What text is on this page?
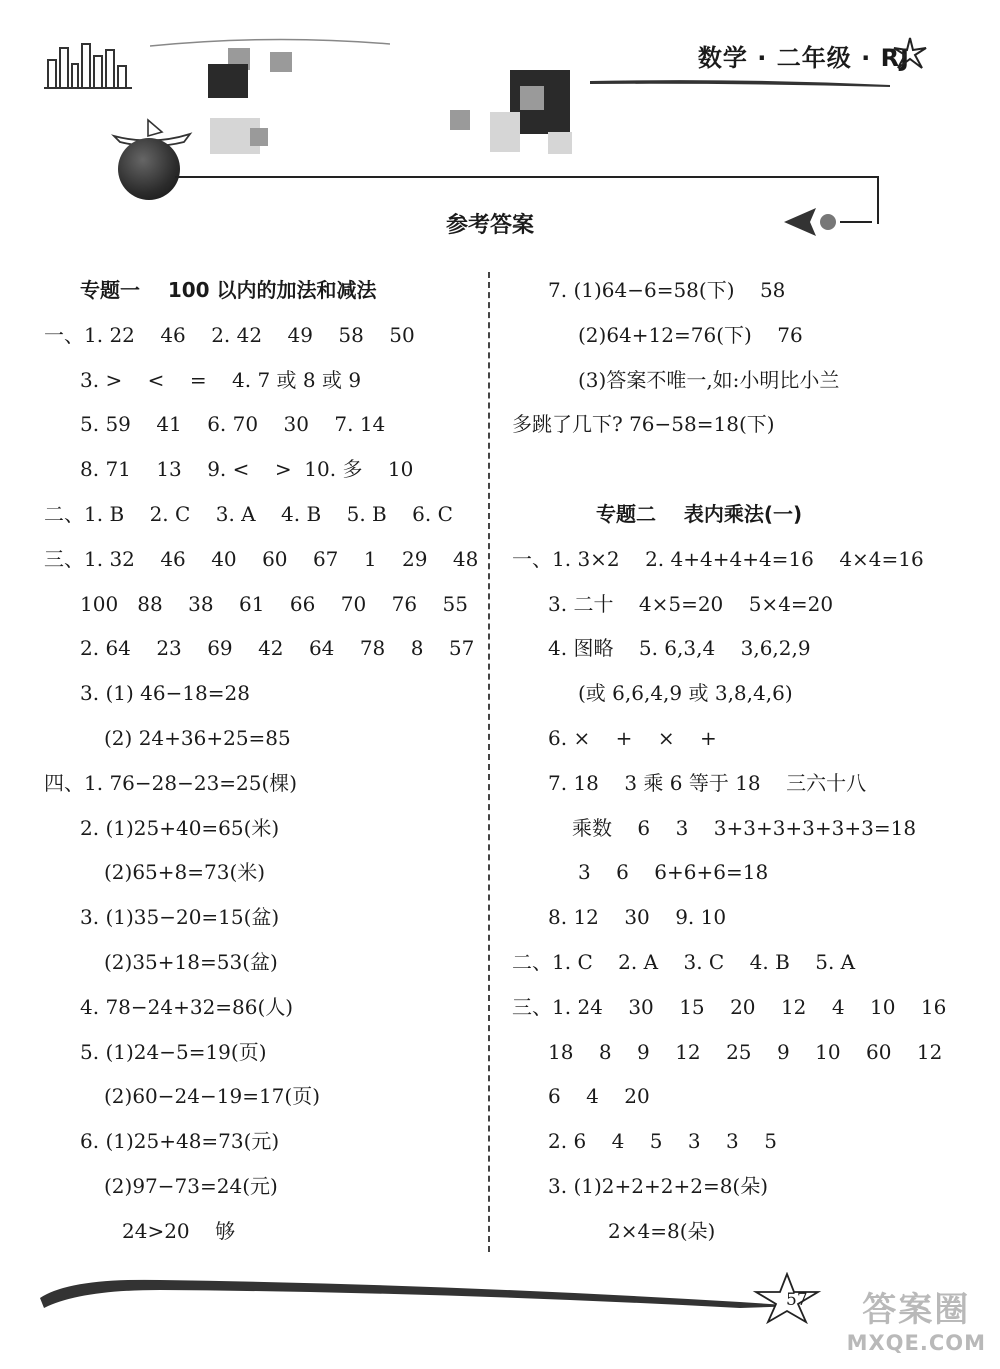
数学 · 二年级 · RJ
参考答案
专题一    100 以内的加法和减法
一、1. 22    46    2. 42    49    58    50
3. >    <    =    4. 7 或 8 或 9
5. 59    41    6. 70    30    7. 14
8. 71    13    9. <    >  10. 多    10
二、1. B    2. C    3. A    4. B    5. B    6. C
三、1. 32    46    40    60    67    1    29    48
100   88    38    61    66    70    76    55
2. 64    23    69    42    64    78    8    57
3. (1) 46−18=28
(2) 24+36+25=85
四、1. 76−28−23=25(棵)
2. (1)25+40=65(米)
(2)65+8=73(米)
3. (1)35−20=15(盆)
(2)35+18=53(盆)
4. 78−24+32=86(人)
5. (1)24−5=19(页)
(2)60−24−19=17(页)
6. (1)25+48=73(元)
(2)97−73=24(元)
24>20    够
7. (1)64−6=58(下)    58
(2)64+12=76(下)    76
(3)答案不唯一,如:小明比小兰
多跳了几下? 76−58=18(下)
专题二    表内乘法(一)
一、1. 3×2    2. 4+4+4+4=16    4×4=16
3. 二十    4×5=20    5×4=20
4. 图略    5. 6,3,4    3,6,2,9
(或 6,6,4,9 或 3,8,4,6)
6. ×    +    ×    +
7. 18    3 乘 6 等于 18    三六十八
乘数    6    3    3+3+3+3+3+3=18
3    6    6+6+6=18
8. 12    30    9. 10
二、1. C    2. A    3. C    4. B    5. A
三、1. 24    30    15    20    12    4    10    16
18    8    9    12    25    9    10    60    12
6    4    20
2. 6    4    5    3    3    5
3. (1)2+2+2+2=8(朵)
2×4=8(朵)
57	答案圈
MXQE.COM
